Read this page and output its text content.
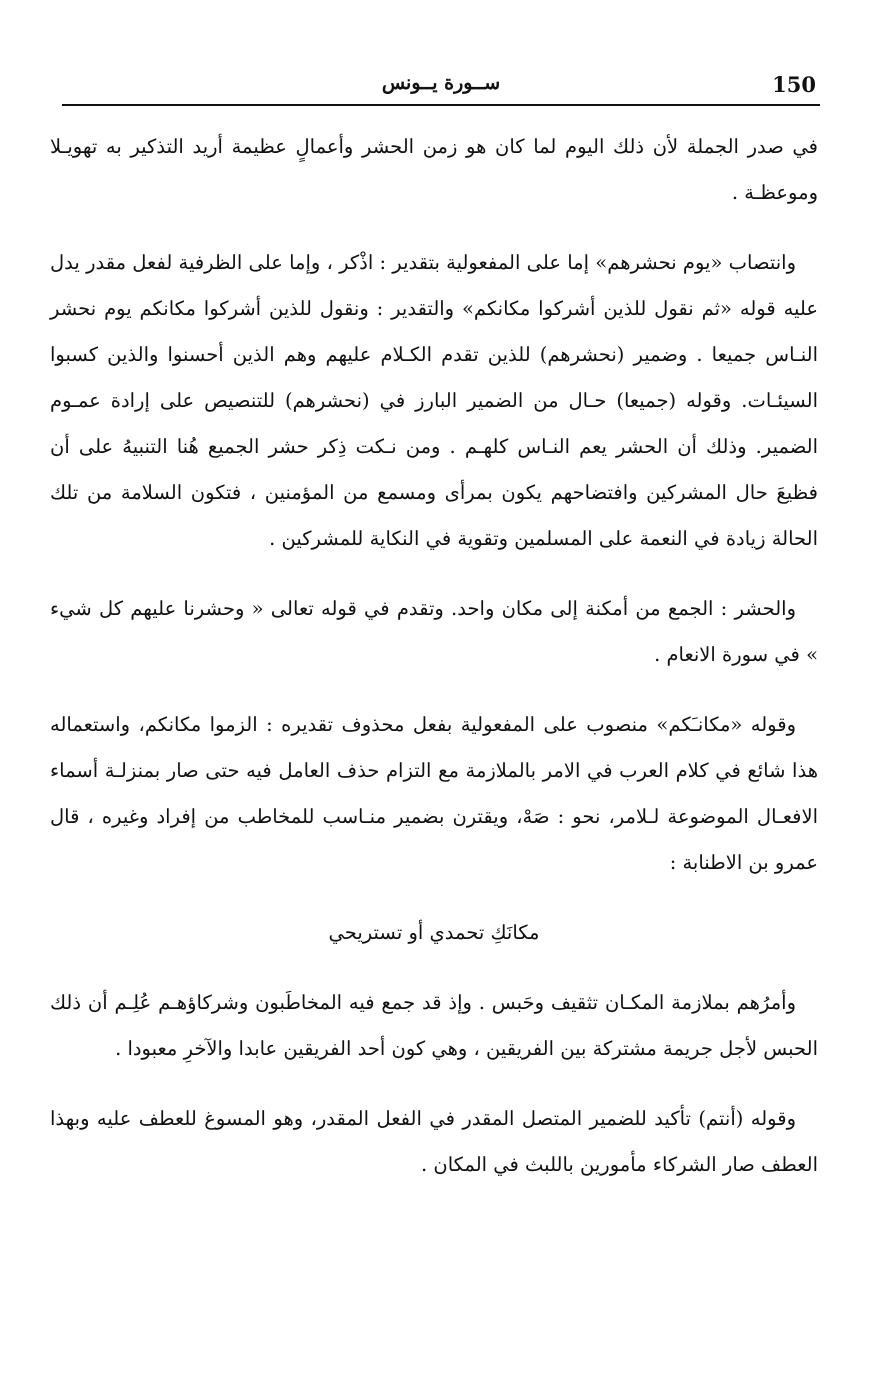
150
ســورة يــونس

في صدر الجملة لأن ذلك اليوم لما كان هو زمن الحشر وأعمالٍ عظيمة أريد التذكير به تهويـلا وموعظـة .

وانتصاب «يوم نحشرهم» إما على المفعولية بتقدير : اذْكر ، وإما على الظرفية لفعل مقدر يدل عليه قوله «ثم نقول للذين أشركوا مكانكم» والتقدير : ونقول للذين أشركوا مكانكم يوم نحشر النـاس جميعا . وضمير (نحشرهم) للذين تقدم الكـلام عليهم وهم الذين أحسنوا والذين كسبوا السيئـات. وقوله (جميعا) حـال من الضمير البارز في (نحشرهم) للتنصيص على إرادة عمـوم الضمير. وذلك أن الحشر يعم النـاس كلهـم . ومن نـكت ذِكر حشر الجميع هُنا التنبيهُ على أن فظيعَ حال المشركين وافتضاحهم يكون بمرأى ومسمع من المؤمنين ، فتكون السلامة من تلك الحالة زيادة في النعمة على المسلمين وتقوية في النكاية للمشركين .

والحشر : الجمع من أمكنة إلى مكان واحد. وتقدم في قوله تعالى « وحشرنا عليهم كل شيء » في سورة الانعام .

وقوله «مكانـَكم» منصوب على المفعولية بفعل محذوف تقديره : الزموا مكانكم، واستعماله هذا شائع في كلام العرب في الامر بالملازمة مع التزام حذف العامل فيه حتى صار بمنزلـة أسماء الافعـال الموضوعة لـلامر، نحو : صَهْ، ويقترن بضمير منـاسب للمخاطب من إفراد وغيره ، قال عمرو بن الاطنابة :

مكانَكِ تحمدي أو تستريحي

وأمرُهم بملازمة المكـان تثقيف وحَبس . وإذ قد جمع فيه المخاطَبون وشركاؤهـم عُلِـم أن ذلك الحبس لأجل جريمة مشتركة بين الفريقين ، وهي كون أحد الفريقين عابدا والآخرِ معبودا .

وقوله (أنتم) تأكيد للضمير المتصل المقدر في الفعل المقدر، وهو المسوغ للعطف عليه وبهذا العطف صار الشركاء مأمورين باللبث في المكان .
